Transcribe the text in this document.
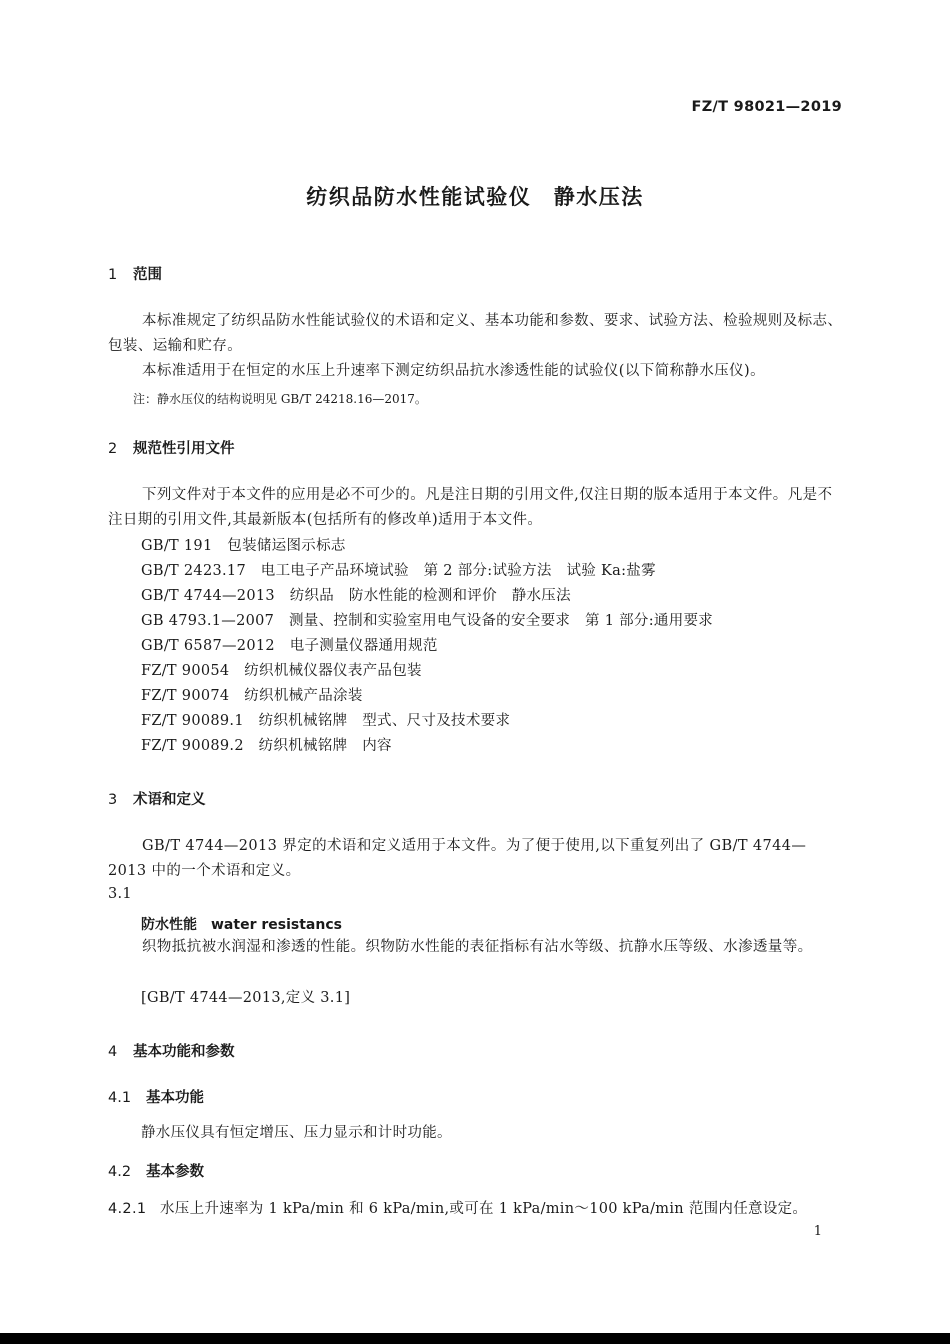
FZ/T 98021—2019
纺织品防水性能试验仪　静水压法
1 范围
本标准规定了纺织品防水性能试验仪的术语和定义、基本功能和参数、要求、试验方法、检验规则及标志、包装、运输和贮存。
本标准适用于在恒定的水压上升速率下测定纺织品抗水渗透性能的试验仪(以下简称静水压仪)。
注：静水压仪的结构说明见 GB/T 24218.16—2017。
2 规范性引用文件
下列文件对于本文件的应用是必不可少的。凡是注日期的引用文件,仅注日期的版本适用于本文件。凡是不注日期的引用文件,其最新版本(包括所有的修改单)适用于本文件。
GB/T 191　包装储运图示标志
GB/T 2423.17　电工电子产品环境试验　第 2 部分:试验方法　试验 Ka:盐雾
GB/T 4744—2013　纺织品　防水性能的检测和评价　静水压法
GB 4793.1—2007　测量、控制和实验室用电气设备的安全要求　第 1 部分:通用要求
GB/T 6587—2012　电子测量仪器通用规范
FZ/T 90054　纺织机械仪器仪表产品包装
FZ/T 90074　纺织机械产品涂装
FZ/T 90089.1　纺织机械铭牌　型式、尺寸及技术要求
FZ/T 90089.2　纺织机械铭牌　内容
3 术语和定义
GB/T 4744—2013 界定的术语和定义适用于本文件。为了便于使用,以下重复列出了 GB/T 4744—2013 中的一个术语和定义。
3.1
防水性能　water resistancs
织物抵抗被水润湿和渗透的性能。织物防水性能的表征指标有沾水等级、抗静水压等级、水渗透量等。
[GB/T 4744—2013,定义 3.1]
4 基本功能和参数
4.1 基本功能
静水压仪具有恒定增压、压力显示和计时功能。
4.2 基本参数
4.2.1 水压上升速率为 1 kPa/min 和 6 kPa/min,或可在 1 kPa/min～100 kPa/min 范围内任意设定。
1
